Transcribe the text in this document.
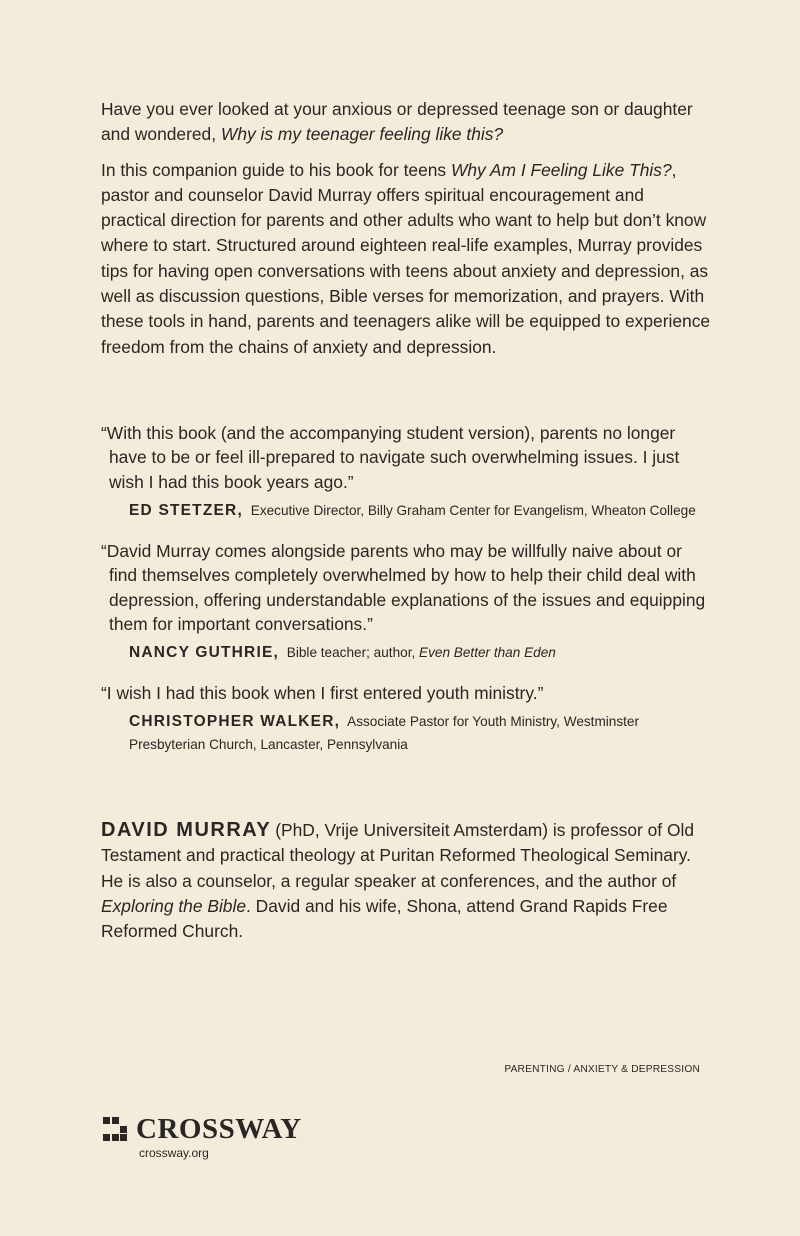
Have you ever looked at your anxious or depressed teenage son or daughter and wondered, Why is my teenager feeling like this?

In this companion guide to his book for teens Why Am I Feeling Like This?, pastor and counselor David Murray offers spiritual encouragement and practical direction for parents and other adults who want to help but don’t know where to start. Structured around eighteen real-life examples, Murray provides tips for having open conversations with teens about anxiety and depression, as well as discussion questions, Bible verses for memorization, and prayers. With these tools in hand, parents and teenagers alike will be equipped to experience freedom from the chains of anxiety and depression.

“With this book (and the accompanying student version), parents no longer have to be or feel ill-prepared to navigate such overwhelming issues. I just wish I had this book years ago.”

ED STETZER, Executive Director, Billy Graham Center for Evangelism, Wheaton College

“David Murray comes alongside parents who may be willfully naive about or find themselves completely overwhelmed by how to help their child deal with depression, offering understandable explanations of the issues and equipping them for important conversations.”

NANCY GUTHRIE, Bible teacher; author, Even Better than Eden

“I wish I had this book when I first entered youth ministry.”

CHRISTOPHER WALKER, Associate Pastor for Youth Ministry, Westminster Presbyterian Church, Lancaster, Pennsylvania
DAVID MURRAY (PhD, Vrije Universiteit Amsterdam) is professor of Old Testament and practical theology at Puritan Reformed Theological Seminary. He is also a counselor, a regular speaker at conferences, and the author of Exploring the Bible. David and his wife, Shona, attend Grand Rapids Free Reformed Church.
PARENTING / ANXIETY & DEPRESSION
CROSSWAY
crossway.org
